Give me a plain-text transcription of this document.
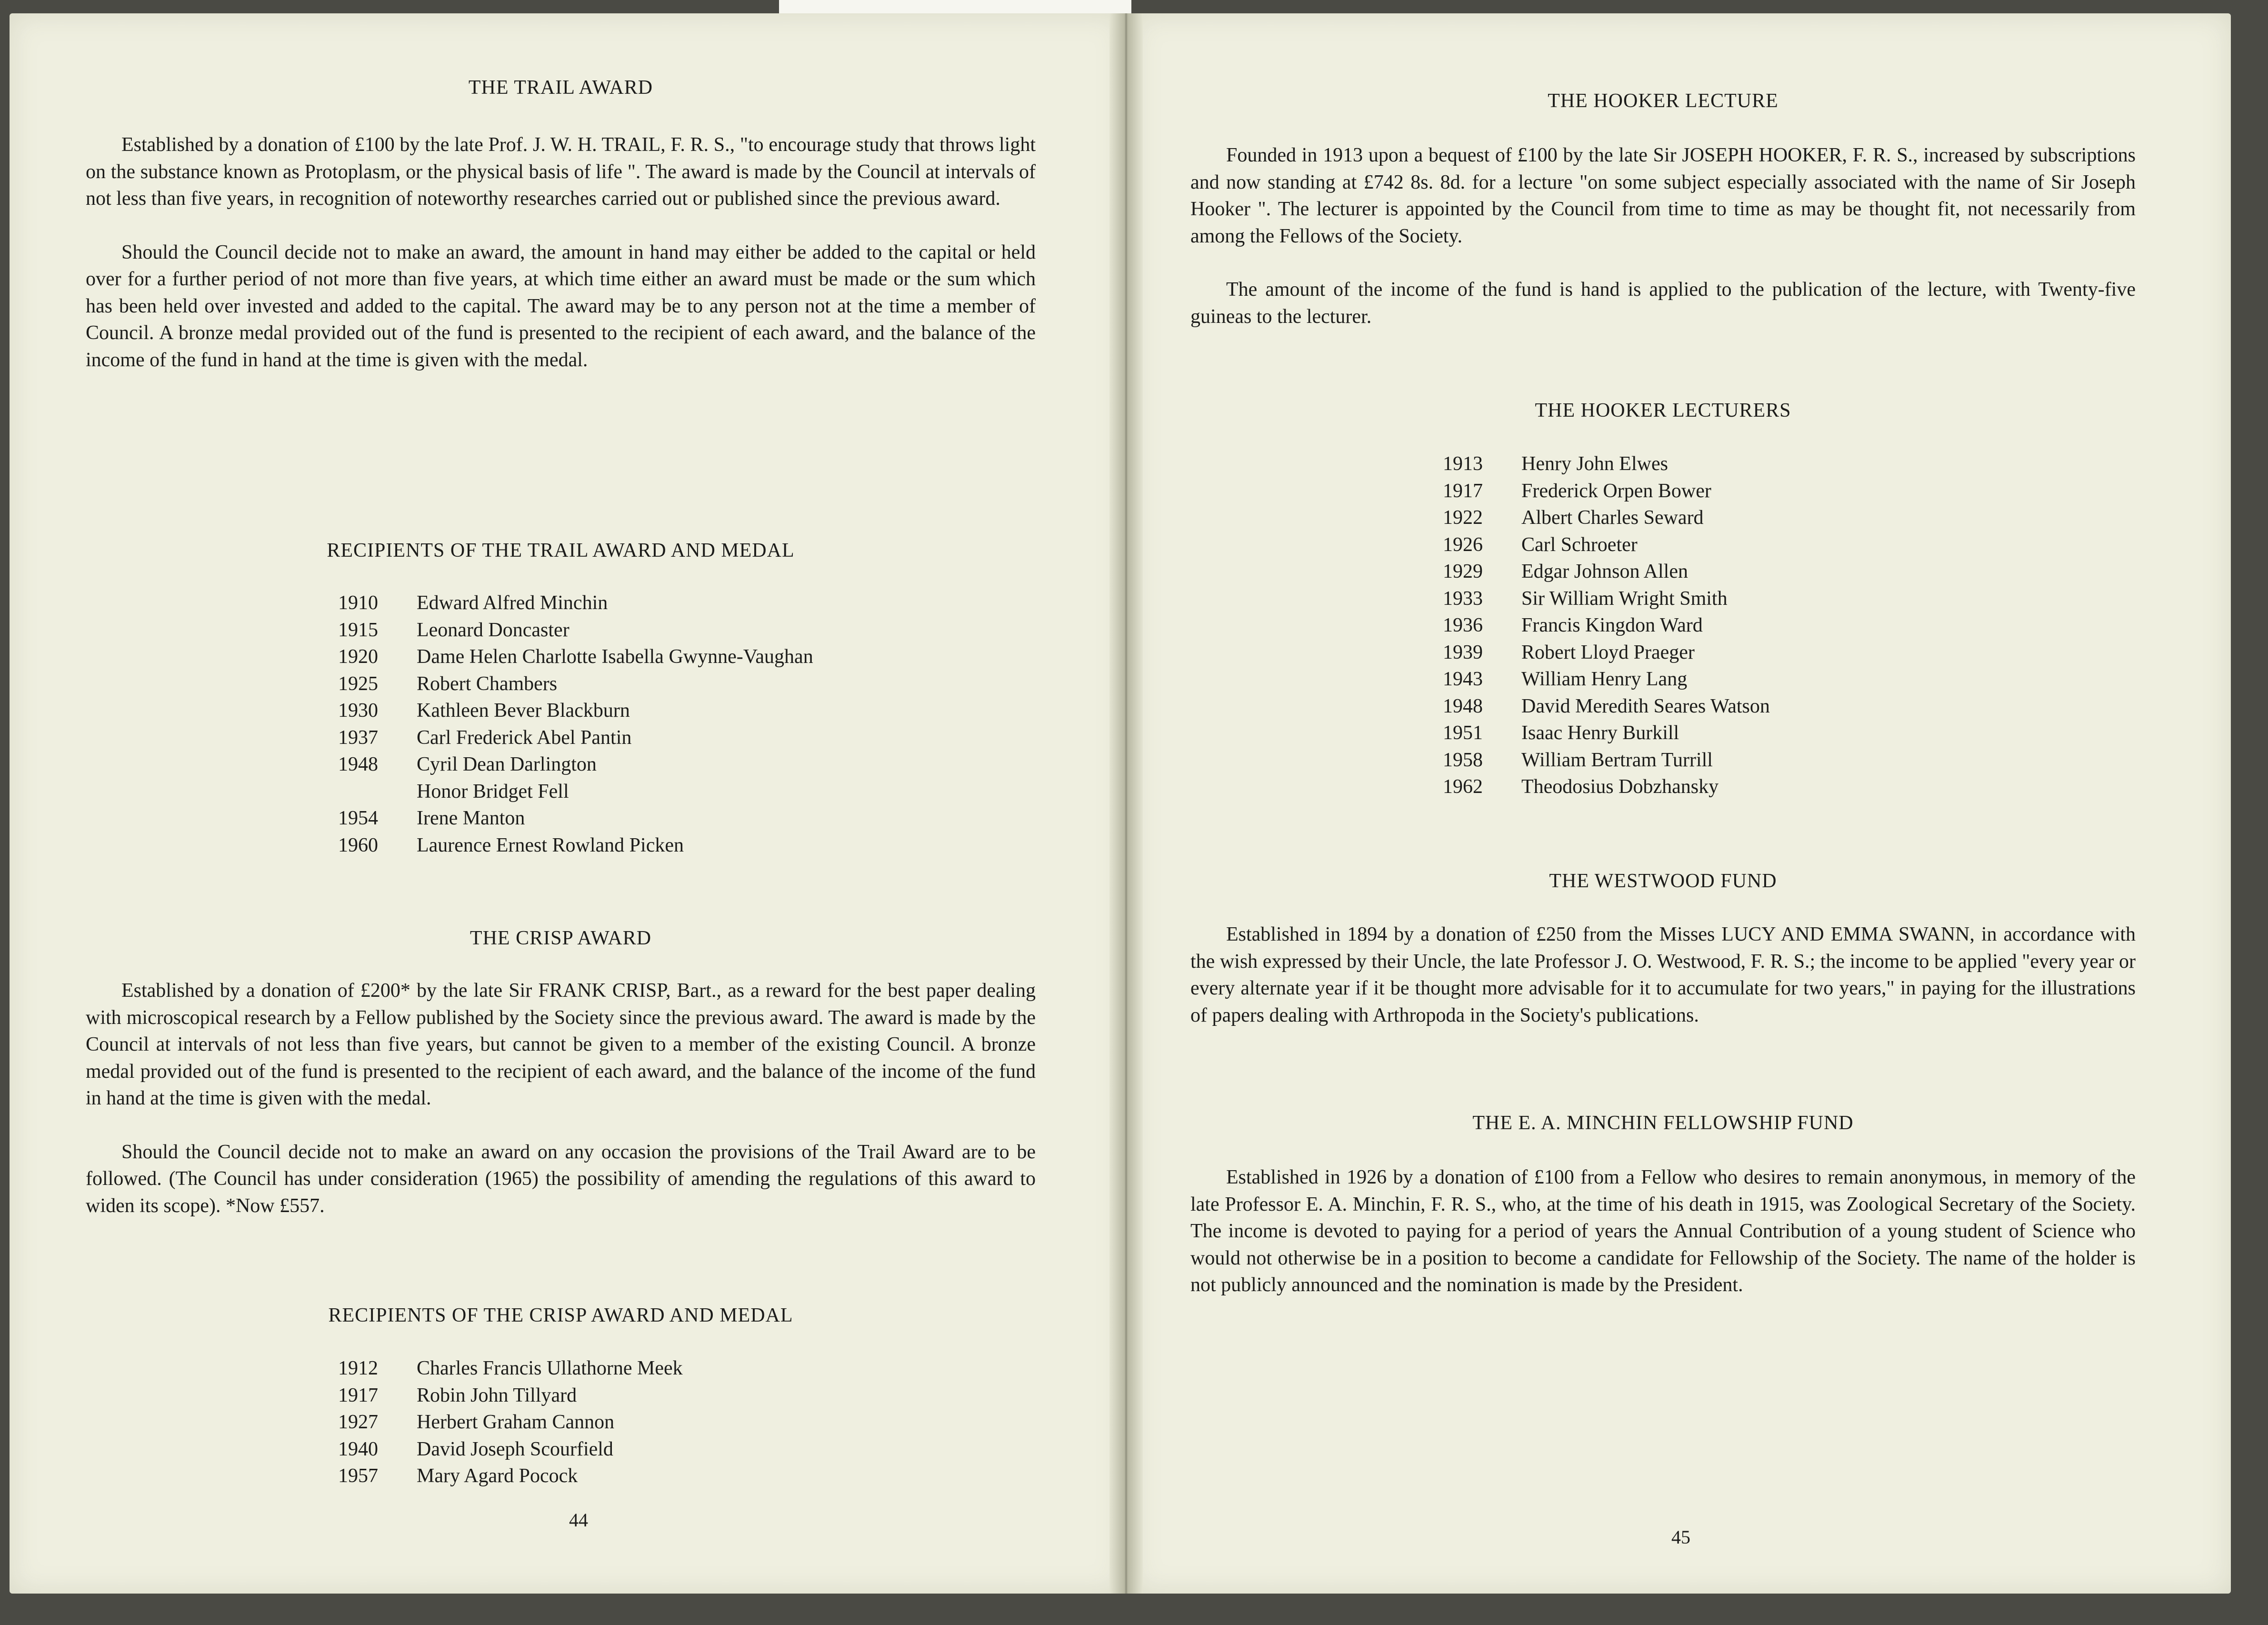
THE TRAIL AWARD

Established by a donation of £100 by the late Prof. J. W. H. TRAIL, F. R. S., "to encourage study that throws light on the substance known as Protoplasm, or the physical basis of life ". The award is made by the Council at intervals of not less than five years, in recognition of noteworthy researches carried out or published since the previous award.

Should the Council decide not to make an award, the amount in hand may either be added to the capital or held over for a further period of not more than five years, at which time either an award must be made or the sum which has been held over invested and added to the capital. The award may be to any person not at the time a member of Council. A bronze medal provided out of the fund is presented to the recipient of each award, and the balance of the income of the fund in hand at the time is given with the medal.

RECIPIENTS OF THE TRAIL AWARD AND MEDAL
1910	Edward Alfred Minchin
1915	Leonard Doncaster
1920	Dame Helen Charlotte Isabella Gwynne-Vaughan
1925	Robert Chambers
1930	Kathleen Bever Blackburn
1937	Carl Frederick Abel Pantin
1948	Cyril Dean Darlington
Honor Bridget Fell
1954	Irene Manton
1960	Laurence Ernest Rowland Picken
THE CRISP AWARD

Established by a donation of £200* by the late Sir FRANK CRISP, Bart., as a reward for the best paper dealing with microscopical research by a Fellow published by the Society since the previous award. The award is made by the Council at intervals of not less than five years, but cannot be given to a member of the existing Council. A bronze medal provided out of the fund is presented to the recipient of each award, and the balance of the income of the fund in hand at the time is given with the medal.

Should the Council decide not to make an award on any occasion the provisions of the Trail Award are to be followed. (The Council has under consideration (1965) the possibility of amending the regulations of this award to widen its scope). *Now £557.

RECIPIENTS OF THE CRISP AWARD AND MEDAL
1912	Charles Francis Ullathorne Meek
1917	Robin John Tillyard
1927	Herbert Graham Cannon
1940	David Joseph Scourfield
1957	Mary Agard Pocock
44
THE HOOKER LECTURE

Founded in 1913 upon a bequest of £100 by the late Sir JOSEPH HOOKER, F. R. S., increased by subscriptions and now standing at £742 8s. 8d. for a lecture "on some subject especially associated with the name of Sir Joseph Hooker ". The lecturer is appointed by the Council from time to time as may be thought fit, not necessarily from among the Fellows of the Society.

The amount of the income of the fund is hand is applied to the publication of the lecture, with Twenty-five guineas to the lecturer.

THE HOOKER LECTURERS
1913	Henry John Elwes
1917	Frederick Orpen Bower
1922	Albert Charles Seward
1926	Carl Schroeter
1929	Edgar Johnson Allen
1933	Sir William Wright Smith
1936	Francis Kingdon Ward
1939	Robert Lloyd Praeger
1943	William Henry Lang
1948	David Meredith Seares Watson
1951	Isaac Henry Burkill
1958	William Bertram Turrill
1962	Theodosius Dobzhansky
THE WESTWOOD FUND

Established in 1894 by a donation of £250 from the Misses LUCY AND EMMA SWANN, in accordance with the wish expressed by their Uncle, the late Professor J. O. Westwood, F. R. S.; the income to be applied "every year or every alternate year if it be thought more advisable for it to accumulate for two years," in paying for the illustrations of papers dealing with Arthropoda in the Society's publications.

THE E. A. MINCHIN FELLOWSHIP FUND

Established in 1926 by a donation of £100 from a Fellow who desires to remain anonymous, in memory of the late Professor E. A. Minchin, F. R. S., who, at the time of his death in 1915, was Zoological Secretary of the Society. The income is devoted to paying for a period of years the Annual Contribution of a young student of Science who would not otherwise be in a position to become a candidate for Fellowship of the Society. The name of the holder is not publicly announced and the nomination is made by the President.

45
